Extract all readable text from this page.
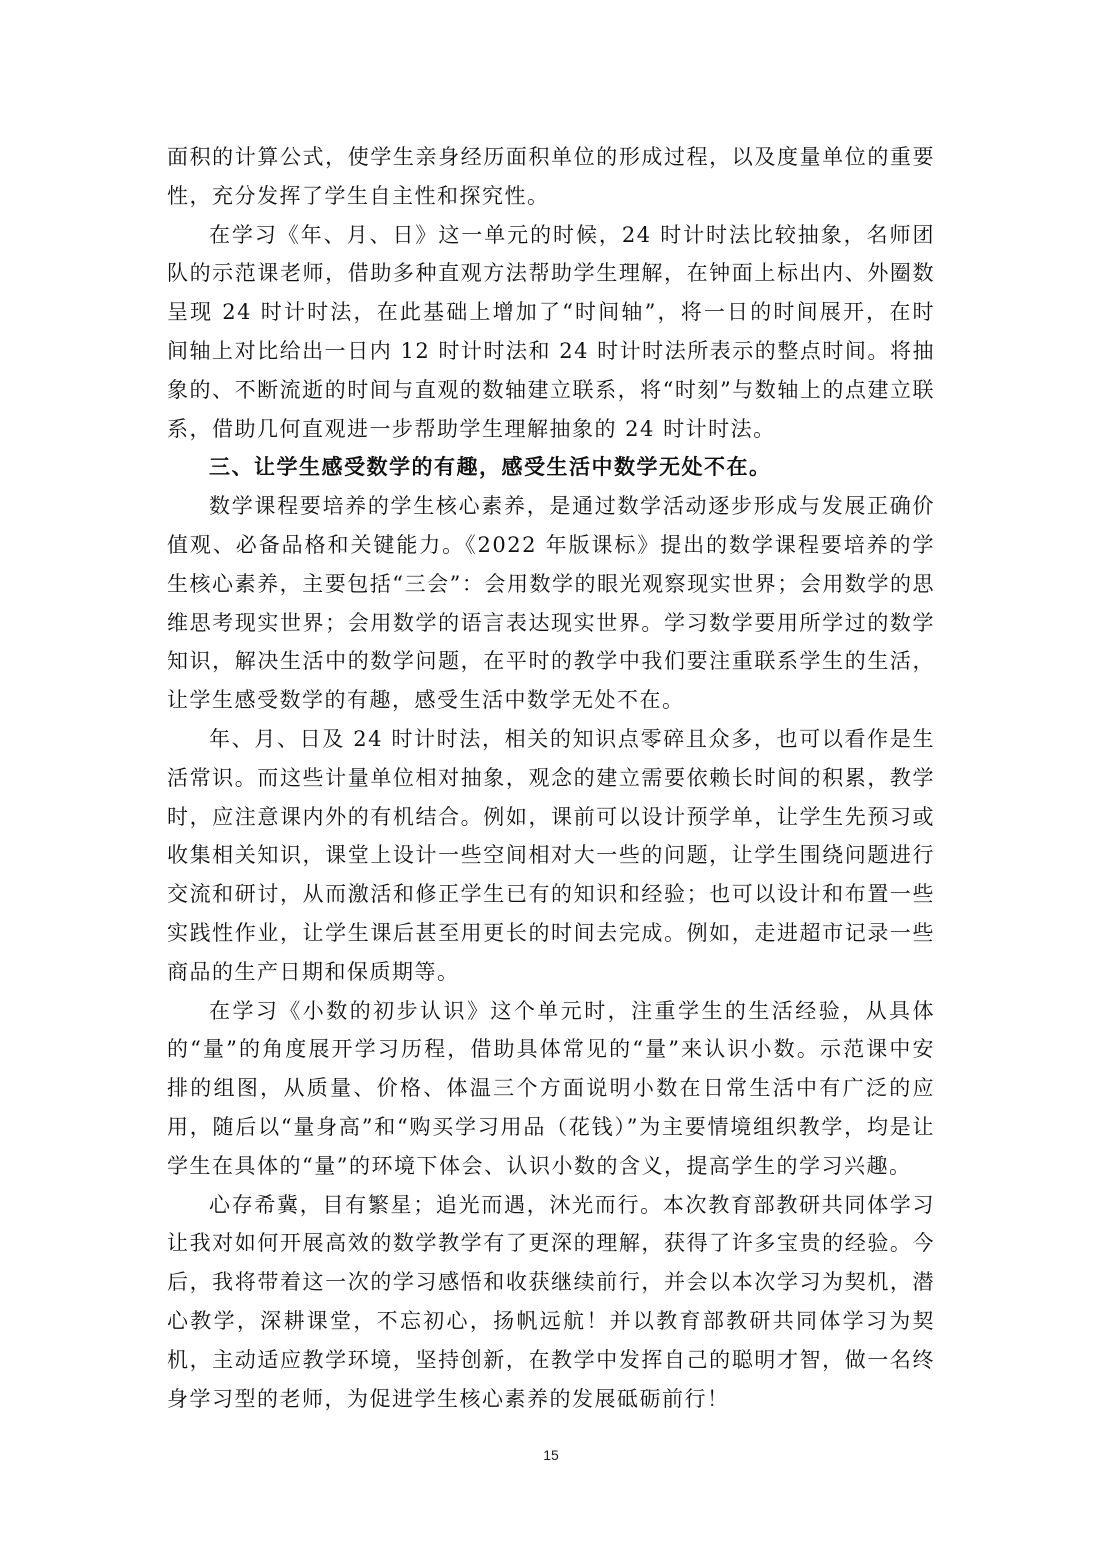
面积的计算公式，使学生亲身经历面积单位的形成过程，以及度量单位的重要性，充分发挥了学生自主性和探究性。

在学习《年、月、日》这一单元的时候，24 时计时法比较抽象，名师团队的示范课老师，借助多种直观方法帮助学生理解，在钟面上标出内、外圈数呈现 24 时计时法，在此基础上增加了“时间轴”，将一日的时间展开，在时间轴上对比给出一日内 12 时计时法和 24 时计时法所表示的整点时间。将抽象的、不断流逝的时间与直观的数轴建立联系，将“时刻”与数轴上的点建立联系，借助几何直观进一步帮助学生理解抽象的 24 时计时法。

三、让学生感受数学的有趣，感受生活中数学无处不在。

数学课程要培养的学生核心素养，是通过数学活动逐步形成与发展正确价值观、必备品格和关键能力。《2022 年版课标》提出的数学课程要培养的学生核心素养，主要包括“三会”：会用数学的眼光观察现实世界；会用数学的思维思考现实世界；会用数学的语言表达现实世界。学习数学要用所学过的数学知识，解决生活中的数学问题，在平时的教学中我们要注重联系学生的生活，让学生感受数学的有趣，感受生活中数学无处不在。

年、月、日及 24 时计时法，相关的知识点零碎且众多，也可以看作是生活常识。而这些计量单位相对抽象，观念的建立需要依赖长时间的积累，教学时，应注意课内外的有机结合。例如，课前可以设计预学单，让学生先预习或收集相关知识，课堂上设计一些空间相对大一些的问题，让学生围绕问题进行交流和研讨，从而激活和修正学生已有的知识和经验；也可以设计和布置一些实践性作业，让学生课后甚至用更长的时间去完成。例如，走进超市记录一些商品的生产日期和保质期等。

在学习《小数的初步认识》这个单元时，注重学生的生活经验，从具体的“量”的角度展开学习历程，借助具体常见的“量”来认识小数。示范课中安排的组图，从质量、价格、体温三个方面说明小数在日常生活中有广泛的应用，随后以“量身高”和“购买学习用品（花钱）”为主要情境组织教学，均是让学生在具体的“量”的环境下体会、认识小数的含义，提高学生的学习兴趣。

心存希冀，目有繁星；追光而遇，沐光而行。本次教育部教研共同体学习让我对如何开展高效的数学教学有了更深的理解，获得了许多宝贵的经验。今后，我将带着这一次的学习感悟和收获继续前行，并会以本次学习为契机，潜心教学，深耕课堂，不忘初心，扬帆远航！并以教育部教研共同体学习为契机，主动适应教学环境，坚持创新，在教学中发挥自己的聪明才智，做一名终身学习型的老师，为促进学生核心素养的发展砥砺前行！

15
